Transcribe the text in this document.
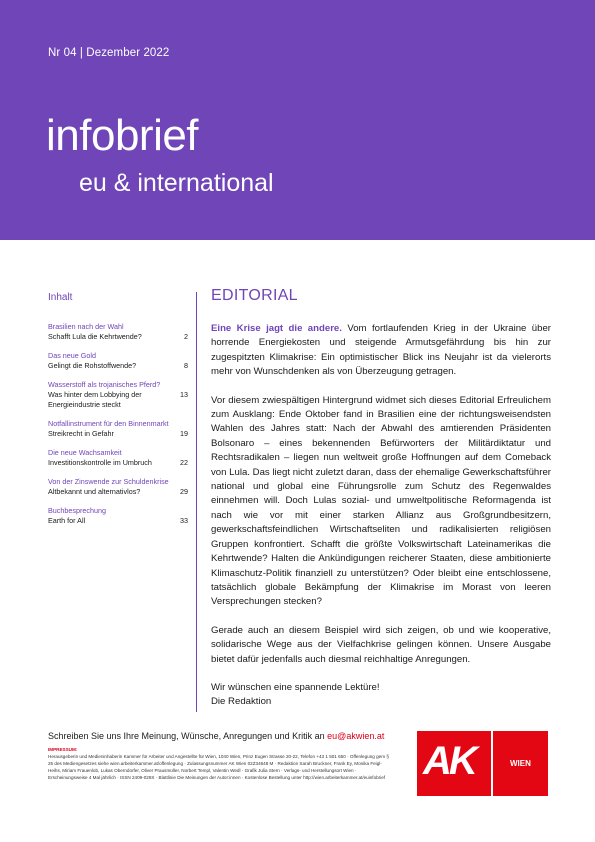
Nr 04 | Dezember 2022
infobrief
eu & international
Inhalt
Brasilien nach der Wahl
Schafft Lula die Kehrtwende?	2
Das neue Gold
Gelingt die Rohstoffwende?	8
Wasserstoff als trojanisches Pferd?
Was hinter dem Lobbying der Energieindustrie steckt
13
Notfallinstrument für den Binnenmarkt
Streikrecht in Gefahr	19
Die neue Wachsamkeit
Investitionskontrolle im Umbruch	22
Von der Zinswende zur Schuldenkrise
Altbekannt und alternativlos?	29
Buchbesprechung
Earth for All	33
EDITORIAL

Eine Krise jagt die andere. Vom fortlaufenden Krieg in der Ukraine über horrende Energiekosten und steigende Armutsgefährdung bis hin zur zugespitzten Klimakrise: Ein optimistischer Blick ins Neujahr ist da vielerorts mehr von Wunschdenken als von Überzeugung getragen.

Vor diesem zwiespältigen Hintergrund widmet sich dieses Editorial Erfreulichem zum Ausklang: Ende Oktober fand in Brasilien eine der richtungsweisendsten Wahlen des Jahres statt: Nach der Abwahl des amtierenden Präsidenten Bolsonaro – eines bekennenden Befürworters der Militärdiktatur und Rechtsradikalen – liegen nun weltweit große Hoffnungen auf dem Comeback von Lula. Das liegt nicht zuletzt daran, dass der ehemalige Gewerkschaftsführer national und global eine Führungsrolle zum Schutz des Regenwaldes einnehmen will. Doch Lulas sozial- und umweltpolitische Reformagenda ist nach wie vor mit einer starken Allianz aus Großgrundbesitzern, gewerkschaftsfeindlichen Wirtschaftseliten und radikalisierten religiösen Gruppen konfrontiert. Schafft die größte Volkswirtschaft Lateinamerikas die Kehrtwende? Halten die Ankündigungen reicherer Staaten, diese ambitionierte Klimaschutz-Politik finanziell zu unterstützen? Oder bleibt eine entschlossene, tatsächlich globale Bekämpfung der Klimakrise im Morast von leeren Versprechungen stecken?

Gerade auch an diesem Beispiel wird sich zeigen, ob und wie kooperative, solidarische Wege aus der Vielfachkrise gelingen können. Unsere Ausgabe bietet dafür jedenfalls auch diesmal reichhaltige Anregungen.

Wir wünschen eine spannende Lektüre!
Die Redaktion
Schreiben Sie uns Ihre Meinung, Wünsche, Anregungen und Kritik an eu@akwien.at
IMPRESSUM:
Herausgeberin und Medieninhaberin Kammer für Arbeiter und Angestellte für Wien, 1040 Wien, Prinz Eugen Strasse 20-22, Telefon +43 1 501 650 · Offenlegung gem § 25 des Mediengesetzes siehe wien.arbeiterkammer.at/offenlegung · Zulassungsnummer AK Wien 02Z34648 M · Redaktion Sarah Bruckner, Frank Ey, Monika Feigl-Heihs, Miriam Frauenlob, Lukas Oberndorfer, Oliver Prausmüller, Norbert Templ, Valentin Wedl · Grafik Julia Stern · Verlags- und Herstellungsort Wien · Erscheinungsweise 4 Mal jährlich · ISSN 2409-028X · Blattlinie Die Meinungen der Autor:innen · Kostenlose Bestellung unter http://wien.arbeiterkammer.at/euinfobrief AK	WIEN
